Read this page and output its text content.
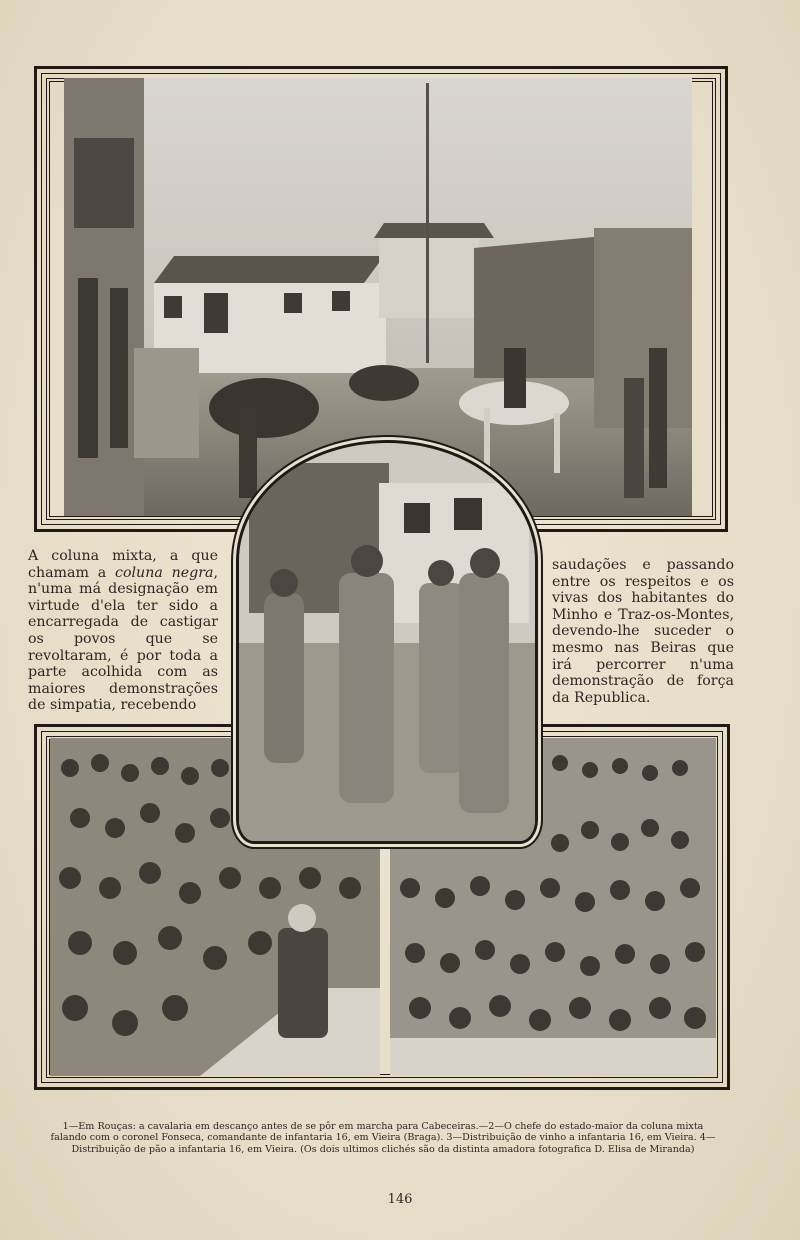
A coluna mixta, a que chamam a coluna negra, n'uma má designação em virtude d'ela ter sido a encarregada de castigar os povos que se revoltaram, é por toda a parte acolhida com as maiores demonstrações de simpatia, recebendo
saudações e passando entre os respeitos e os vivas dos habitantes do Minho e Traz-os-Montes, devendo-lhe suceder o mesmo nas Beiras que irá percorrer n'uma demonstração de força da Republica.
1—Em Rouças: a cavalaria em descanço antes de se pôr em marcha para Cabeceiras.—2—O chefe do estado-maior da coluna mixta falando com o coronel Fonseca, comandante de infantaria 16, em Vieira (Braga). 3—Distribuição de vinho a infantaria 16, em Vieira. 4—Distribuição de pão a infantaria 16, em Vieira. (Os dois ultimos clichés são da distinta amadora fotografica D. Elisa de Miranda)
146
